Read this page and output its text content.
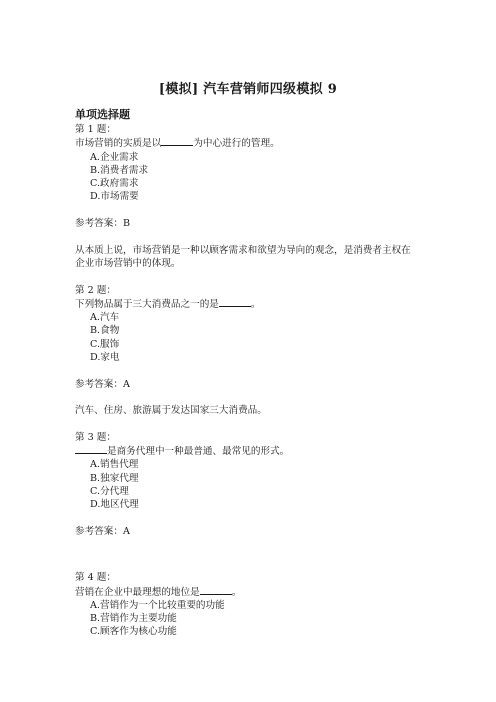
[模拟] 汽车营销师四级模拟 9
单项选择题
第 1 题：
市场营销的实质是以	为中心进行的管理。
A.企业需求
B.消费者需求
C.政府需求
D.市场需要
参考答案：B
从本质上说，市场营销是一种以顾客需求和欲望为导向的观念，是消费者主权在
企业市场营销中的体现。
第 2 题：
下列物品属于三大消费品之一的是	。
A.汽车
B.食物
C.服饰
D.家电
参考答案：A
汽车、住房、旅游属于发达国家三大消费品。
第 3 题：
是商务代理中一种最普通、最常见的形式。
A.销售代理
B.独家代理
C.分代理
D.地区代理
参考答案：A
第 4 题：
营销在企业中最理想的地位是	。
A.营销作为一个比较重要的功能
B.营销作为主要功能
C.顾客作为核心功能
